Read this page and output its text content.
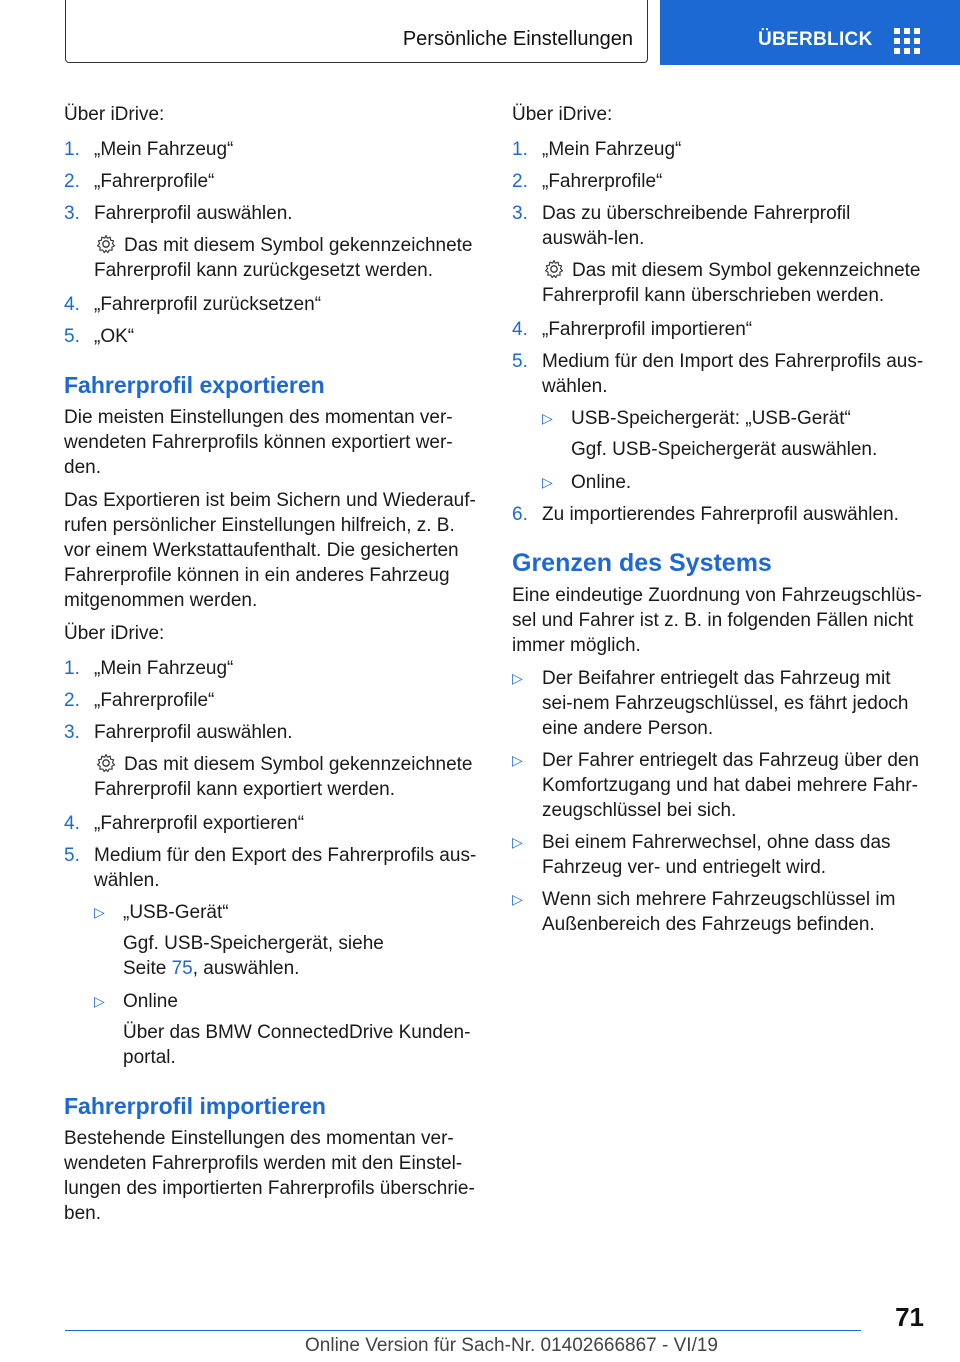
Persönliche Einstellungen	ÜBERBLICK
Über iDrive:
1. „Mein Fahrzeug“
2. „Fahrerprofile“
3. Fahrerprofil auswählen.
Das mit diesem Symbol gekennzeichnete Fahrerprofil kann zurückgesetzt werden.
4. „Fahrerprofil zurücksetzen“
5. „OK“
Fahrerprofil exportieren
Die meisten Einstellungen des momentan ver‐wendeten Fahrerprofils können exportiert wer‐den.
Das Exportieren ist beim Sichern und Wiederauf‐rufen persönlicher Einstellungen hilfreich, z. B. vor einem Werkstattaufenthalt. Die gesicherten Fahrerprofile können in ein anderes Fahrzeug mitgenommen werden.
Über iDrive:
1. „Mein Fahrzeug“
2. „Fahrerprofile“
3. Fahrerprofil auswählen.
Das mit diesem Symbol gekennzeichnete Fahrerprofil kann exportiert werden.
4. „Fahrerprofil exportieren“
5. Medium für den Export des Fahrerprofils aus‐wählen.
▷ „USB-Gerät“
Ggf. USB-Speichergerät, siehe
Seite 75, auswählen.
▷ Online
Über das BMW ConnectedDrive Kunden‐portal.
Fahrerprofil importieren
Bestehende Einstellungen des momentan ver‐wendeten Fahrerprofils werden mit den Einstel‐lungen des importierten Fahrerprofils überschrie‐ben.
Über iDrive:
1. „Mein Fahrzeug“
2. „Fahrerprofile“
3. Das zu überschreibende Fahrerprofil auswäh‐len.
Das mit diesem Symbol gekennzeichnete Fahrerprofil kann überschrieben werden.
4. „Fahrerprofil importieren“
5. Medium für den Import des Fahrerprofils aus‐wählen.
▷ USB-Speichergerät: „USB-Gerät“
Ggf. USB-Speichergerät auswählen.
▷ Online.
6. Zu importierendes Fahrerprofil auswählen.
Grenzen des Systems
Eine eindeutige Zuordnung von Fahrzeugschlüs‐sel und Fahrer ist z. B. in folgenden Fällen nicht immer möglich.
▷ Der Beifahrer entriegelt das Fahrzeug mit sei‐nem Fahrzeugschlüssel, es fährt jedoch eine andere Person.
▷ Der Fahrer entriegelt das Fahrzeug über den Komfortzugang und hat dabei mehrere Fahr‐zeugschlüssel bei sich.
▷ Bei einem Fahrerwechsel, ohne dass das Fahrzeug ver- und entriegelt wird.
▷ Wenn sich mehrere Fahrzeugschlüssel im Außenbereich des Fahrzeugs befinden.
71
Online Version für Sach-Nr. 01402666867 - VI/19
